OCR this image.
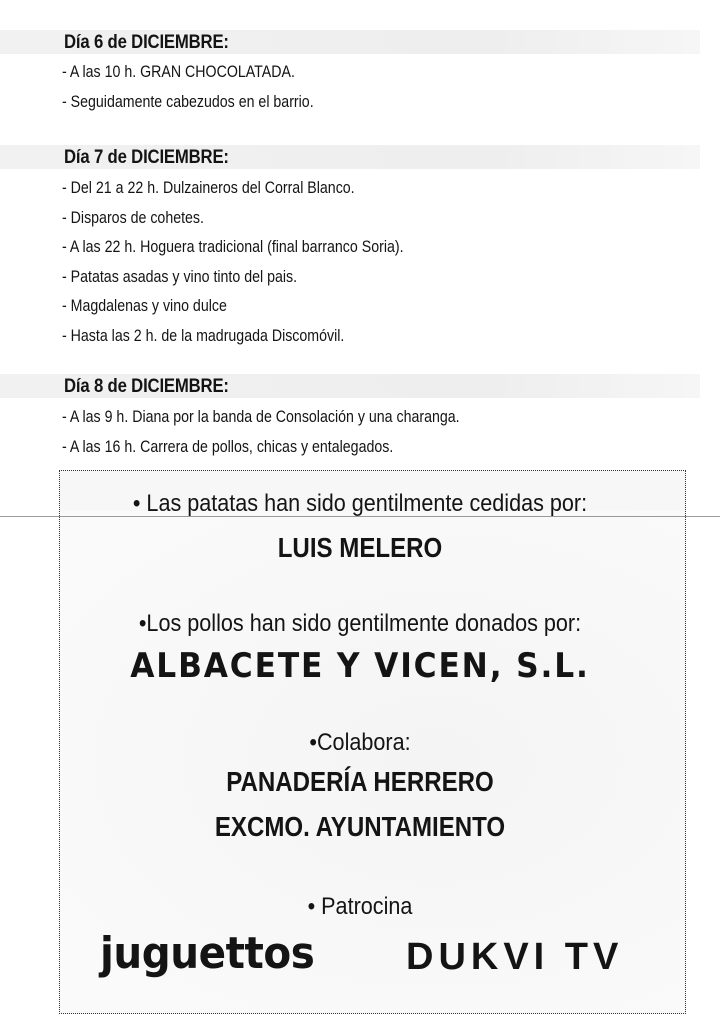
Día 6 de DICIEMBRE:
- A las 10 h. GRAN CHOCOLATADA.
- Seguidamente cabezudos en el barrio.
Día 7 de DICIEMBRE:
- Del 21 a 22 h. Dulzaineros del Corral Blanco.
- Disparos de cohetes.
- A las 22 h. Hoguera tradicional (final barranco Soria).
- Patatas asadas y vino tinto del pais.
- Magdalenas y vino dulce
- Hasta las 2 h. de la madrugada Discomóvil.
Día 8 de DICIEMBRE:
- A las 9 h. Diana por la banda de Consolación y una charanga.
- A las 16 h. Carrera de pollos, chicas y entalegados.
• Las patatas han sido gentilmente cedidas por:
LUIS MELERO
•Los pollos han sido gentilmente donados por:
ALBACETE Y VICEN, S.L.
•Colabora:
PANADERÍA HERRERO
EXCMO. AYUNTAMIENTO
• Patrocina
juguettos DUKVI TV
